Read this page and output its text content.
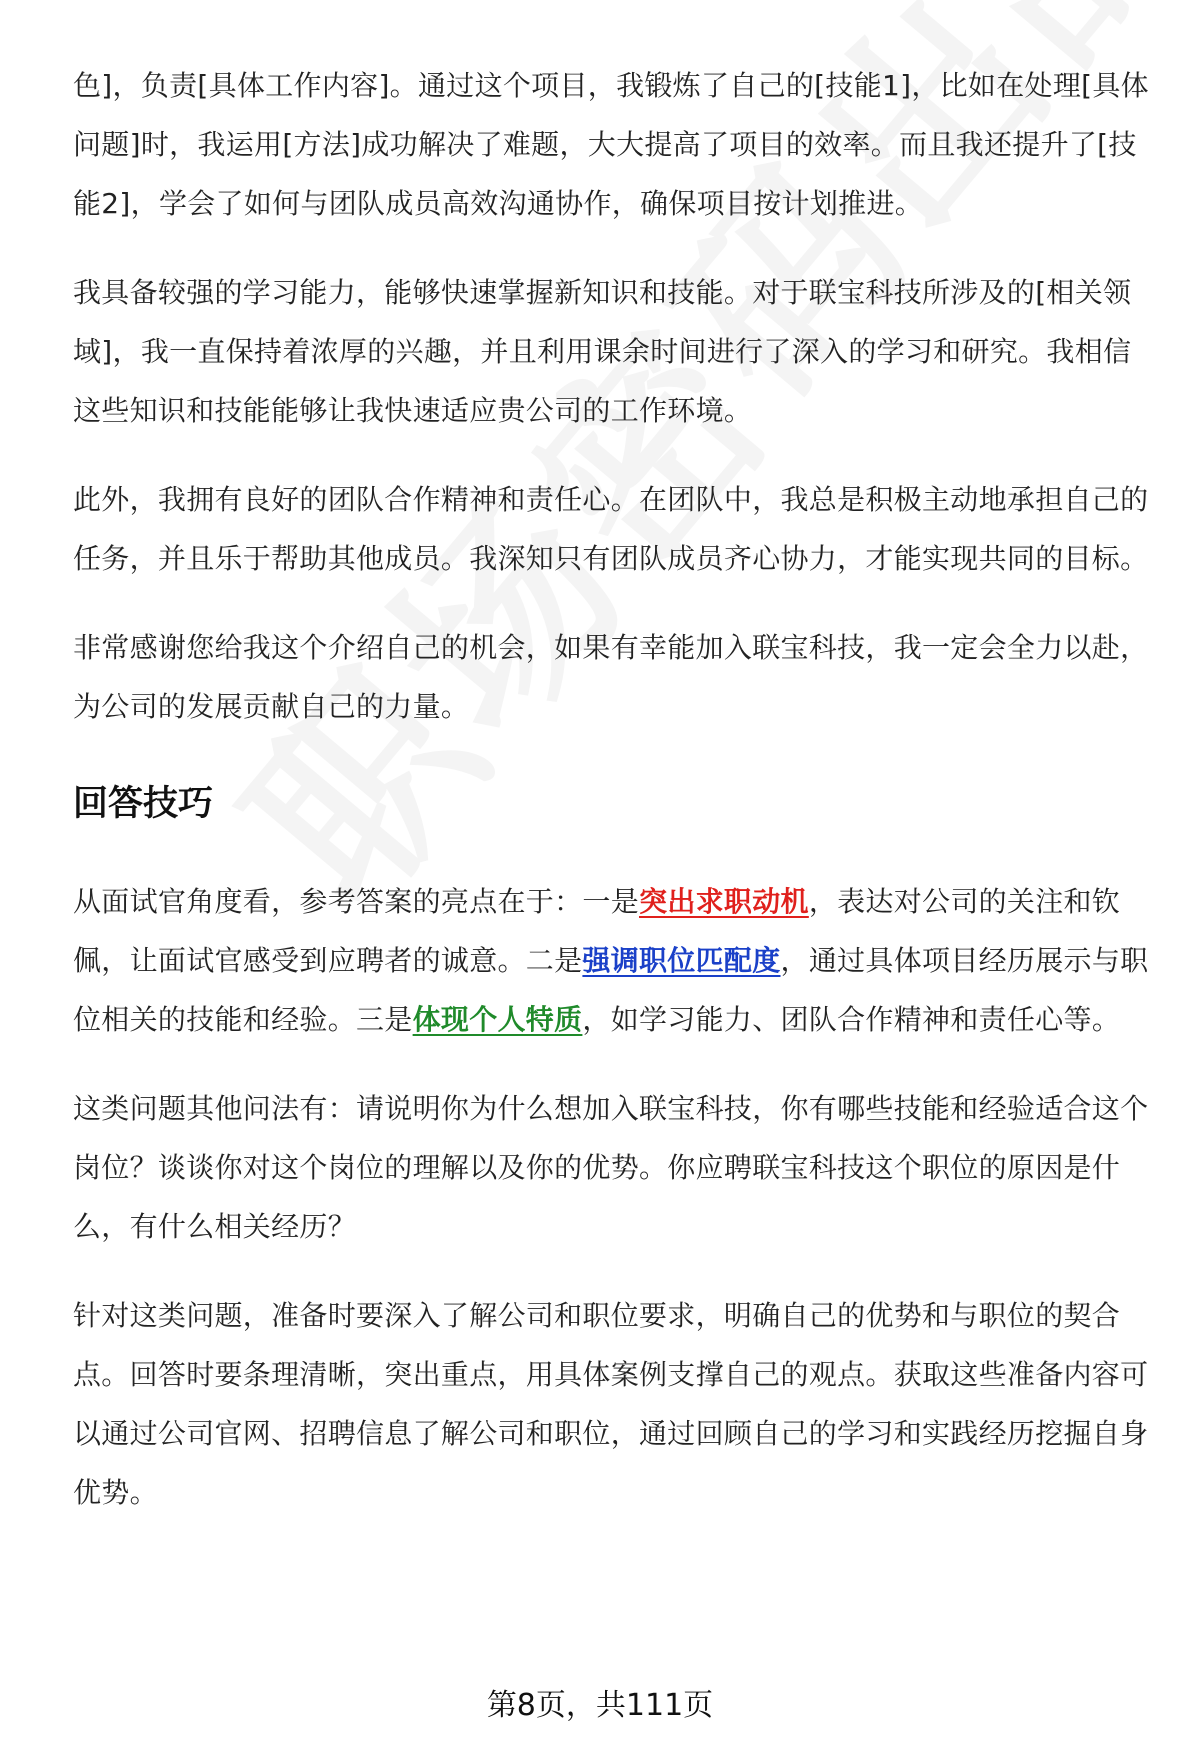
色]，负责[具体工作内容]。通过这个项目，我锻炼了自己的[技能1]，比如在处理[具体问题]时，我运用[方法]成功解决了难题，大大提高了项目的效率。而且我还提升了[技能2]，学会了如何与团队成员高效沟通协作，确保项目按计划推进。

我具备较强的学习能力，能够快速掌握新知识和技能。对于联宝科技所涉及的[相关领域]，我一直保持着浓厚的兴趣，并且利用课余时间进行了深入的学习和研究。我相信这些知识和技能能够让我快速适应贵公司的工作环境。

此外，我拥有良好的团队合作精神和责任心。在团队中，我总是积极主动地承担自己的任务，并且乐于帮助其他成员。我深知只有团队成员齐心协力，才能实现共同的目标。

非常感谢您给我这个介绍自己的机会，如果有幸能加入联宝科技，我一定会全力以赴，为公司的发展贡献自己的力量。

回答技巧

从面试官角度看，参考答案的亮点在于：一是突出求职动机，表达对公司的关注和钦佩，让面试官感受到应聘者的诚意。二是强调职位匹配度，通过具体项目经历展示与职位相关的技能和经验。三是体现个人特质，如学习能力、团队合作精神和责任心等。

这类问题其他问法有：请说明你为什么想加入联宝科技，你有哪些技能和经验适合这个岗位？谈谈你对这个岗位的理解以及你的优势。你应聘联宝科技这个职位的原因是什么，有什么相关经历？

针对这类问题，准备时要深入了解公司和职位要求，明确自己的优势和与职位的契合点。回答时要条理清晰，突出重点，用具体案例支撑自己的观点。获取这些准备内容可以通过公司官网、招聘信息了解公司和职位，通过回顾自己的学习和实践经历挖掘自身优势。

第8页，共111页
